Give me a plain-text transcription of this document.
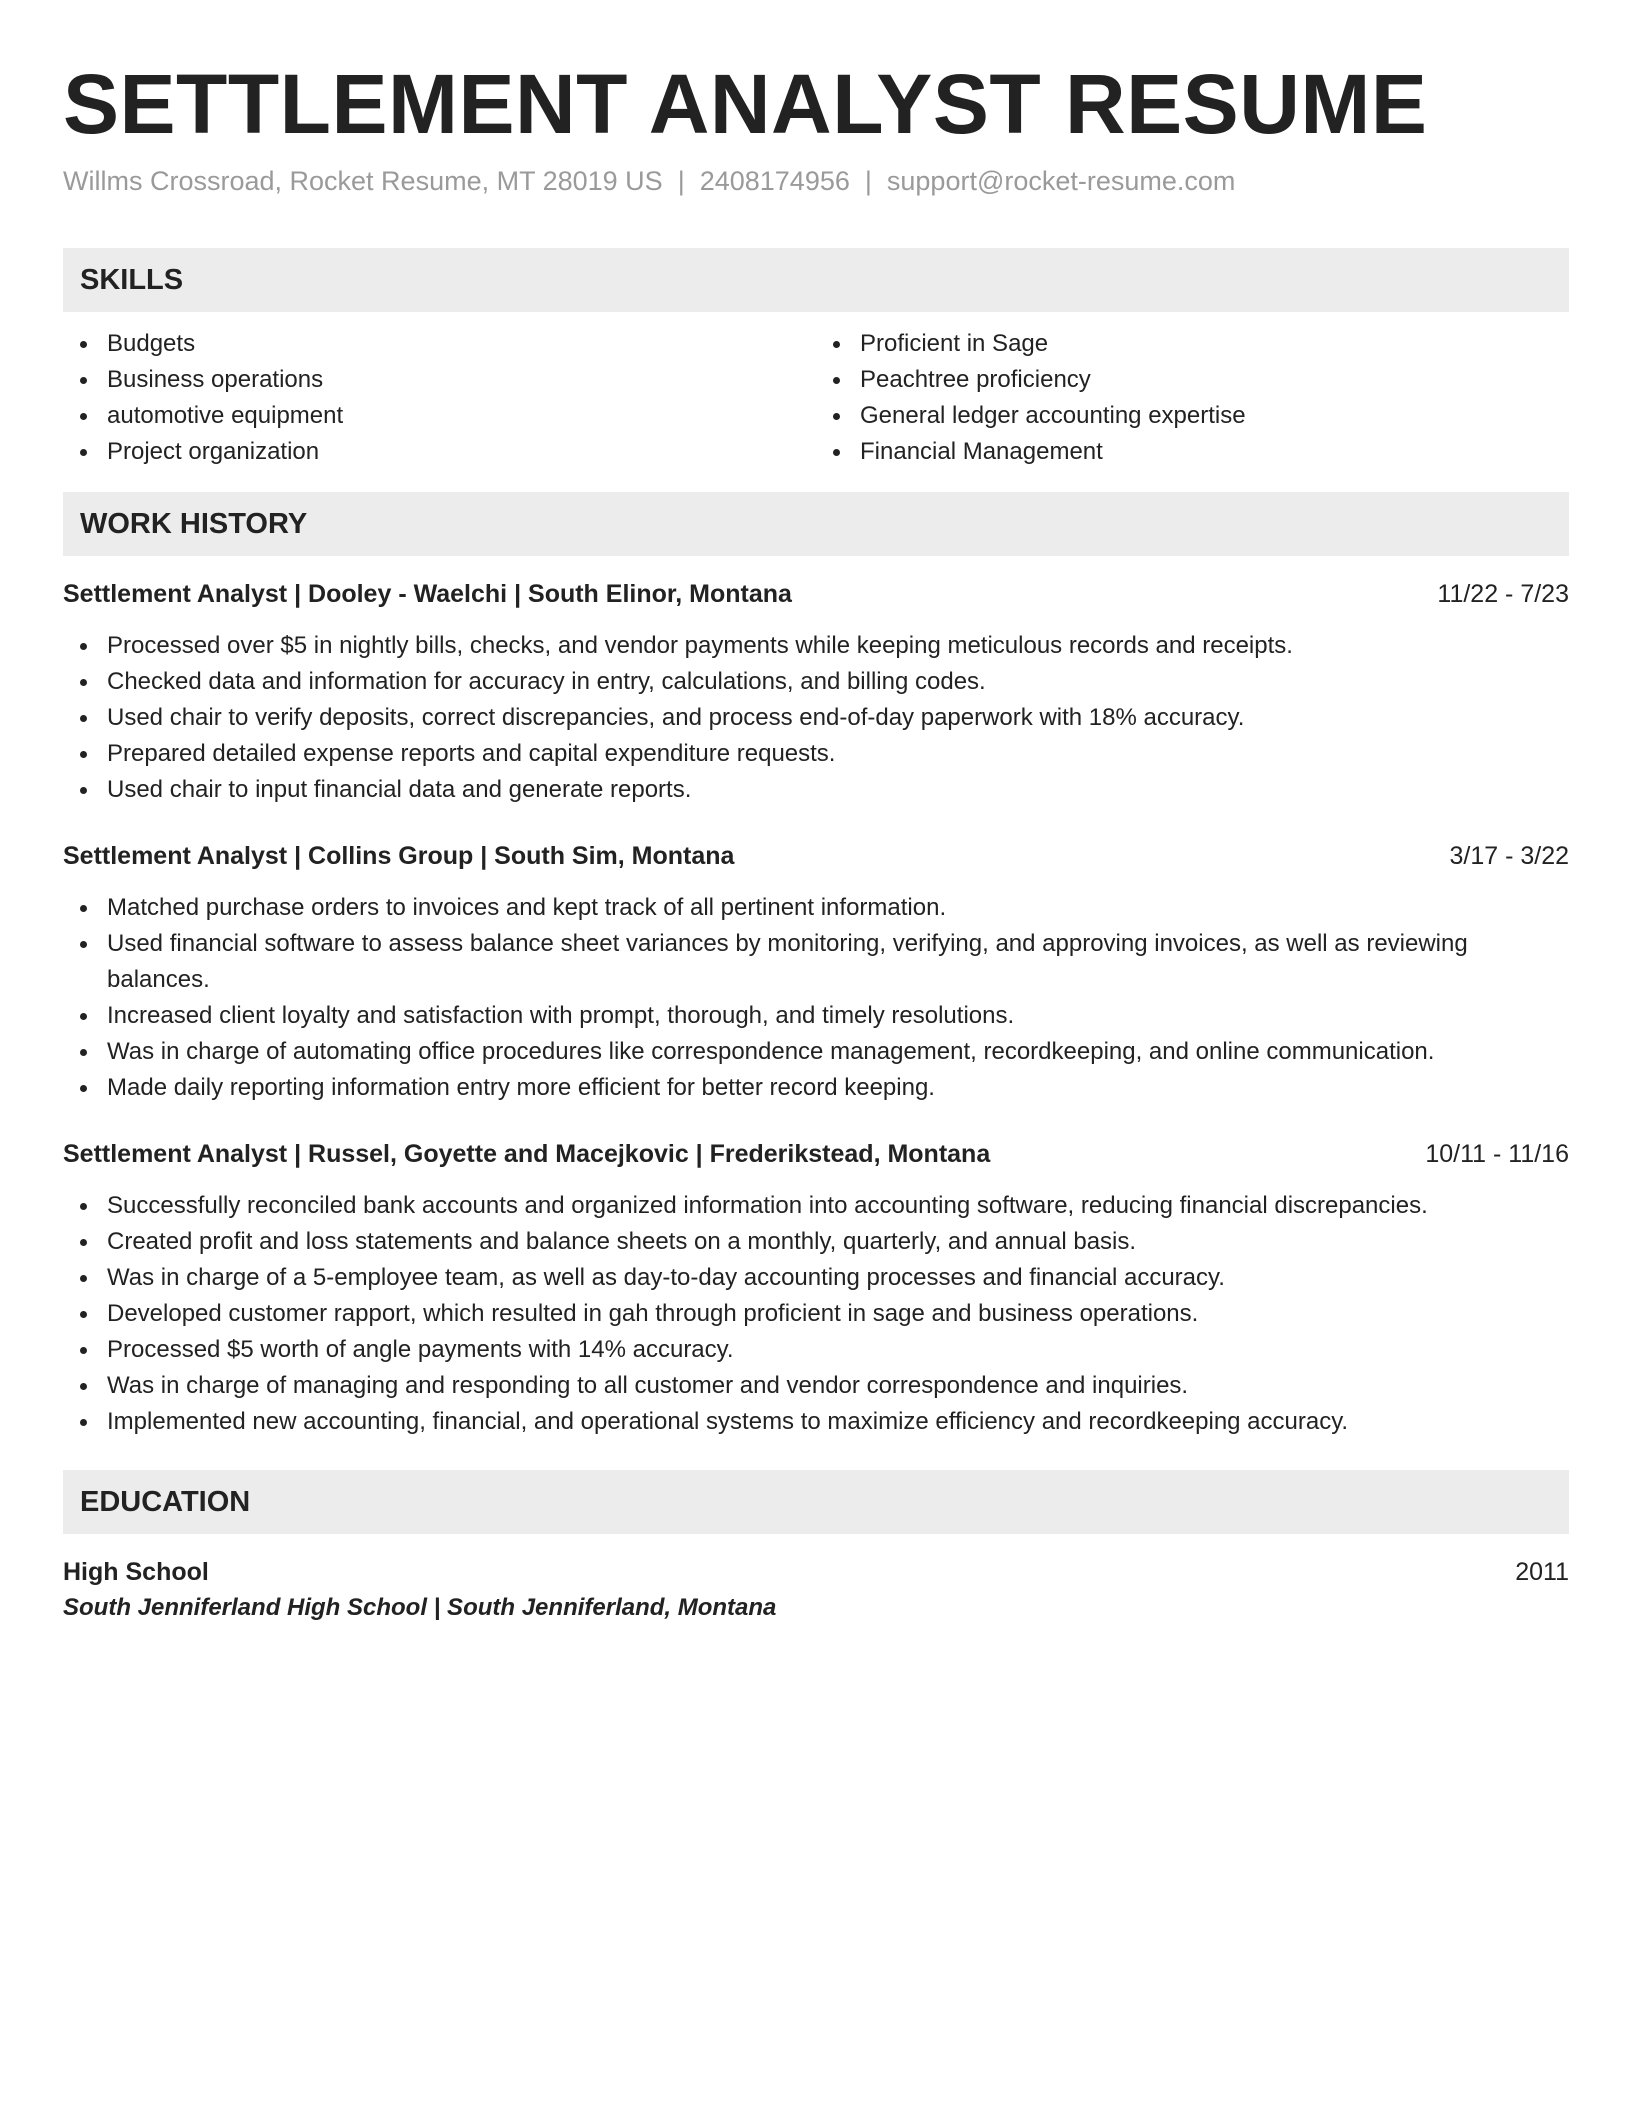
SETTLEMENT ANALYST RESUME
Willms Crossroad, Rocket Resume, MT 28019 US | 2408174956 | support@rocket-resume.com
SKILLS
Budgets
Business operations
automotive equipment
Project organization
Proficient in Sage
Peachtree proficiency
General ledger accounting expertise
Financial Management
WORK HISTORY
Settlement Analyst | Dooley - Waelchi | South Elinor, Montana	11/22 - 7/23
Processed over $5 in nightly bills, checks, and vendor payments while keeping meticulous records and receipts.
Checked data and information for accuracy in entry, calculations, and billing codes.
Used chair to verify deposits, correct discrepancies, and process end-of-day paperwork with 18% accuracy.
Prepared detailed expense reports and capital expenditure requests.
Used chair to input financial data and generate reports.
Settlement Analyst | Collins Group | South Sim, Montana	3/17 - 3/22
Matched purchase orders to invoices and kept track of all pertinent information.
Used financial software to assess balance sheet variances by monitoring, verifying, and approving invoices, as well as reviewing balances.
Increased client loyalty and satisfaction with prompt, thorough, and timely resolutions.
Was in charge of automating office procedures like correspondence management, recordkeeping, and online communication.
Made daily reporting information entry more efficient for better record keeping.
Settlement Analyst | Russel, Goyette and Macejkovic | Frederikstead, Montana	10/11 - 11/16
Successfully reconciled bank accounts and organized information into accounting software, reducing financial discrepancies.
Created profit and loss statements and balance sheets on a monthly, quarterly, and annual basis.
Was in charge of a 5-employee team, as well as day-to-day accounting processes and financial accuracy.
Developed customer rapport, which resulted in gah through proficient in sage and business operations.
Processed $5 worth of angle payments with 14% accuracy.
Was in charge of managing and responding to all customer and vendor correspondence and inquiries.
Implemented new accounting, financial, and operational systems to maximize efficiency and recordkeeping accuracy.
EDUCATION
High School	2011
South Jenniferland High School | South Jenniferland, Montana
